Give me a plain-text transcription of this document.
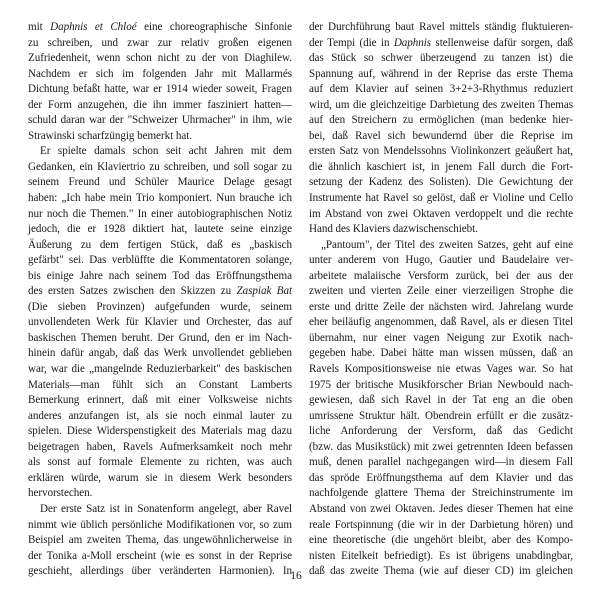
mit Daphnis et Chloé eine choreographische Sinfonie
zu schreiben, und zwar zur relativ großen eigenen
Zufriedenheit, wenn schon nicht zu der von Diaghilew.
Nachdem er sich im folgenden Jahr mit Mallarmés
Dichtung befaßt hatte, war er 1914 wieder soweit, Fragen
der Form anzugehen, die ihn immer fasziniert hatten—
schuld daran war der "Schweizer Uhrmacher" in ihm, wie
Strawinski scharfzüngig bemerkt hat.
Er spielte damals schon seit acht Jahren mit dem
Gedanken, ein Klaviertrio zu schreiben, und soll sogar zu
seinem Freund und Schüler Maurice Delage gesagt
haben: „Ich habe mein Trio komponiert. Nun brauche ich
nur noch die Themen." In einer autobiographischen Notiz
jedoch, die er 1928 diktiert hat, lautete seine einzige
Äußerung zu dem fertigen Stück, daß es „baskisch
gefärbt" sei. Das verblüffte die Kommentatoren solange,
bis einige Jahre nach seinem Tod das Eröffnungsthema
des ersten Satzes zwischen den Skizzen zu Zaspiak Bat
(Die sieben Provinzen) aufgefunden wurde, seinem
unvollendeten Werk für Klavier und Orchester, das auf
baskischen Themen beruht. Der Grund, den er im Nach-
hinein dafür angab, daß das Werk unvollendet geblieben
war, war die „mangelnde Reduzierbarkeit" des baskischen
Materials—man fühlt sich an Constant Lamberts
Bemerkung erinnert, daß mit einer Volksweise nichts
anderes anzufangen ist, als sie noch einmal lauter zu
spielen. Diese Widerspenstigkeit des Materials mag dazu
beigetragen haben, Ravels Aufmerksamkeit noch mehr
als sonst auf formale Elemente zu richten, was auch
erklären würde, warum sie in diesem Werk besonders
hervorstechen.
Der erste Satz ist in Sonatenform angelegt, aber Ravel
nimmt wie üblich persönliche Modifikationen vor, so zum
Beispiel am zweiten Thema, das ungewöhnlicherweise in
der Tonika a-Moll erscheint (wie es sonst in der Reprise
geschieht, allerdings über veränderten Harmonien). In
der Durchführung baut Ravel mittels ständig fluktuieren-
der Tempi (die in Daphnis stellenweise dafür sorgen, daß
das Stück so schwer überzeugend zu tanzen ist) die
Spannung auf, während in der Reprise das erste Thema
auf dem Klavier auf seinen 3+2+3-Rhythmus reduziert
wird, um die gleichzeitige Darbietung des zweiten Themas
auf den Streichern zu ermöglichen (man bedenke hier-
bei, daß Ravel sich bewundernd über die Reprise im
ersten Satz von Mendelssohns Violinkonzert geäußert hat,
die ähnlich kaschiert ist, in jenem Fall durch die Fort-
setzung der Kadenz des Solisten). Die Gewichtung der
Instrumente hat Ravel so gelöst, daß er Violine und Cello
im Abstand von zwei Oktaven verdoppelt und die rechte
Hand des Klaviers dazwischenschiebt.
„Pantoum", der Titel des zweiten Satzes, geht auf eine
unter anderem von Hugo, Gautier und Baudelaire ver-
arbeitete malaiische Versform zurück, bei der aus der
zweiten und vierten Zeile einer vierzeiligen Strophe die
erste und dritte Zeile der nächsten wird. Jahrelang wurde
eher beiläufig angenommen, daß Ravel, als er diesen Titel
übernahm, nur einer vagen Neigung zur Exotik nach-
gegeben habe. Dabei hätte man wissen müssen, daß an
Ravels Kompositionsweise nie etwas Vages war. So hat
1975 der britische Musikforscher Brian Newbould nach-
gewiesen, daß sich Ravel in der Tat eng an die oben
umrissene Struktur hält. Obendrein erfüllt er die zusätz-
liche Anforderung der Versform, daß das Gedicht
(bzw. das Musikstück) mit zwei getrennten Ideen befassen
muß, denen parallel nachgegangen wird—in diesem Fall
das spröde Eröffnungsthema auf dem Klavier und das
nachfolgende glattere Thema der Streichinstrumente im
Abstand von zwei Oktaven. Jedes dieser Themen hat eine
reale Fortspinnung (die wir in der Darbietung hören) und
eine theoretische (die ungehört bleibt, aber des Kompo-
nisten Eitelkeit befriedigt). Es ist übrigens unabdingbar,
daß das zweite Thema (wie auf dieser CD) im gleichen
16
